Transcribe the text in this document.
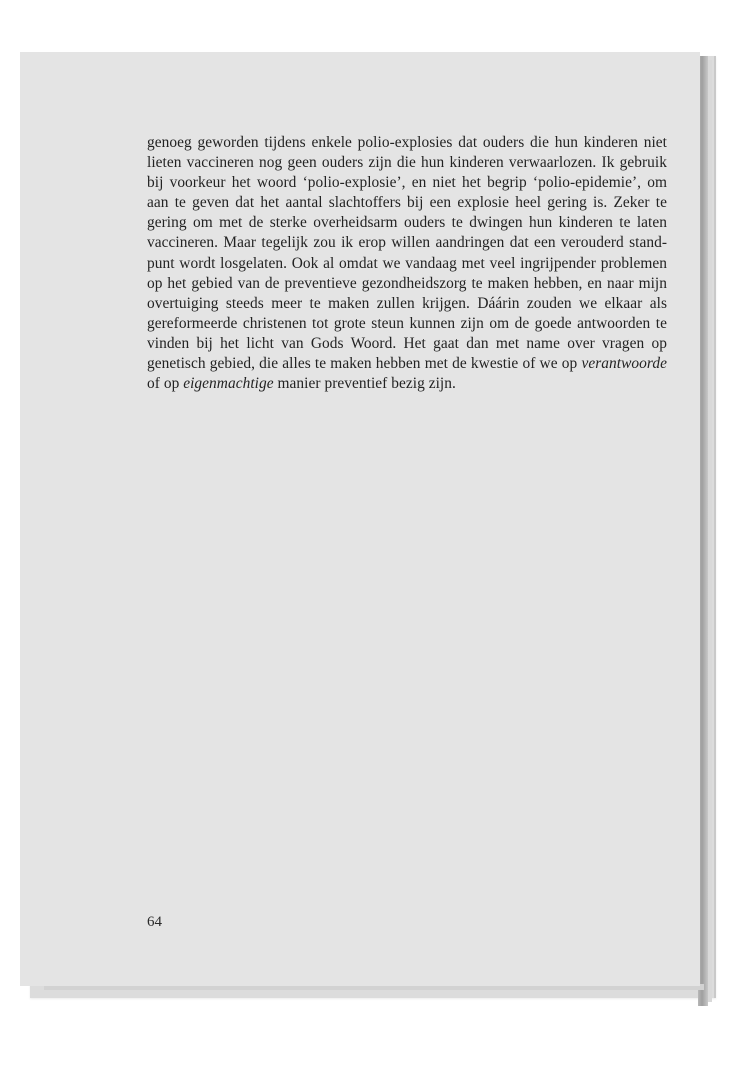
genoeg geworden tijdens enkele polio-explosies dat ouders die hun kinderen niet lieten vaccineren nog geen ouders zijn die hun kinderen verwaarlozen. Ik gebruik bij voorkeur het woord ‘polio-explosie’, en niet het begrip ‘polio-epidemie’, om aan te geven dat het aantal slachtoffers bij een explosie heel gering is. Zeker te gering om met de sterke overheidsarm ouders te dwingen hun kinderen te laten vaccineren. Maar tegelijk zou ik erop willen aandringen dat een verouderd standpunt wordt losgelaten. Ook al omdat we vandaag met veel ingrijpender problemen op het gebied van de preventieve gezondheidszorg te maken hebben, en naar mijn overtuiging steeds meer te maken zullen krijgen. Dáárin zouden we elkaar als gereformeerde christenen tot grote steun kunnen zijn om de goede antwoorden te vinden bij het licht van Gods Woord. Het gaat dan met name over vragen op genetisch gebied, die alles te maken hebben met de kwestie of we op verantwoorde of op eigenmachtige manier preventief bezig zijn.

64
